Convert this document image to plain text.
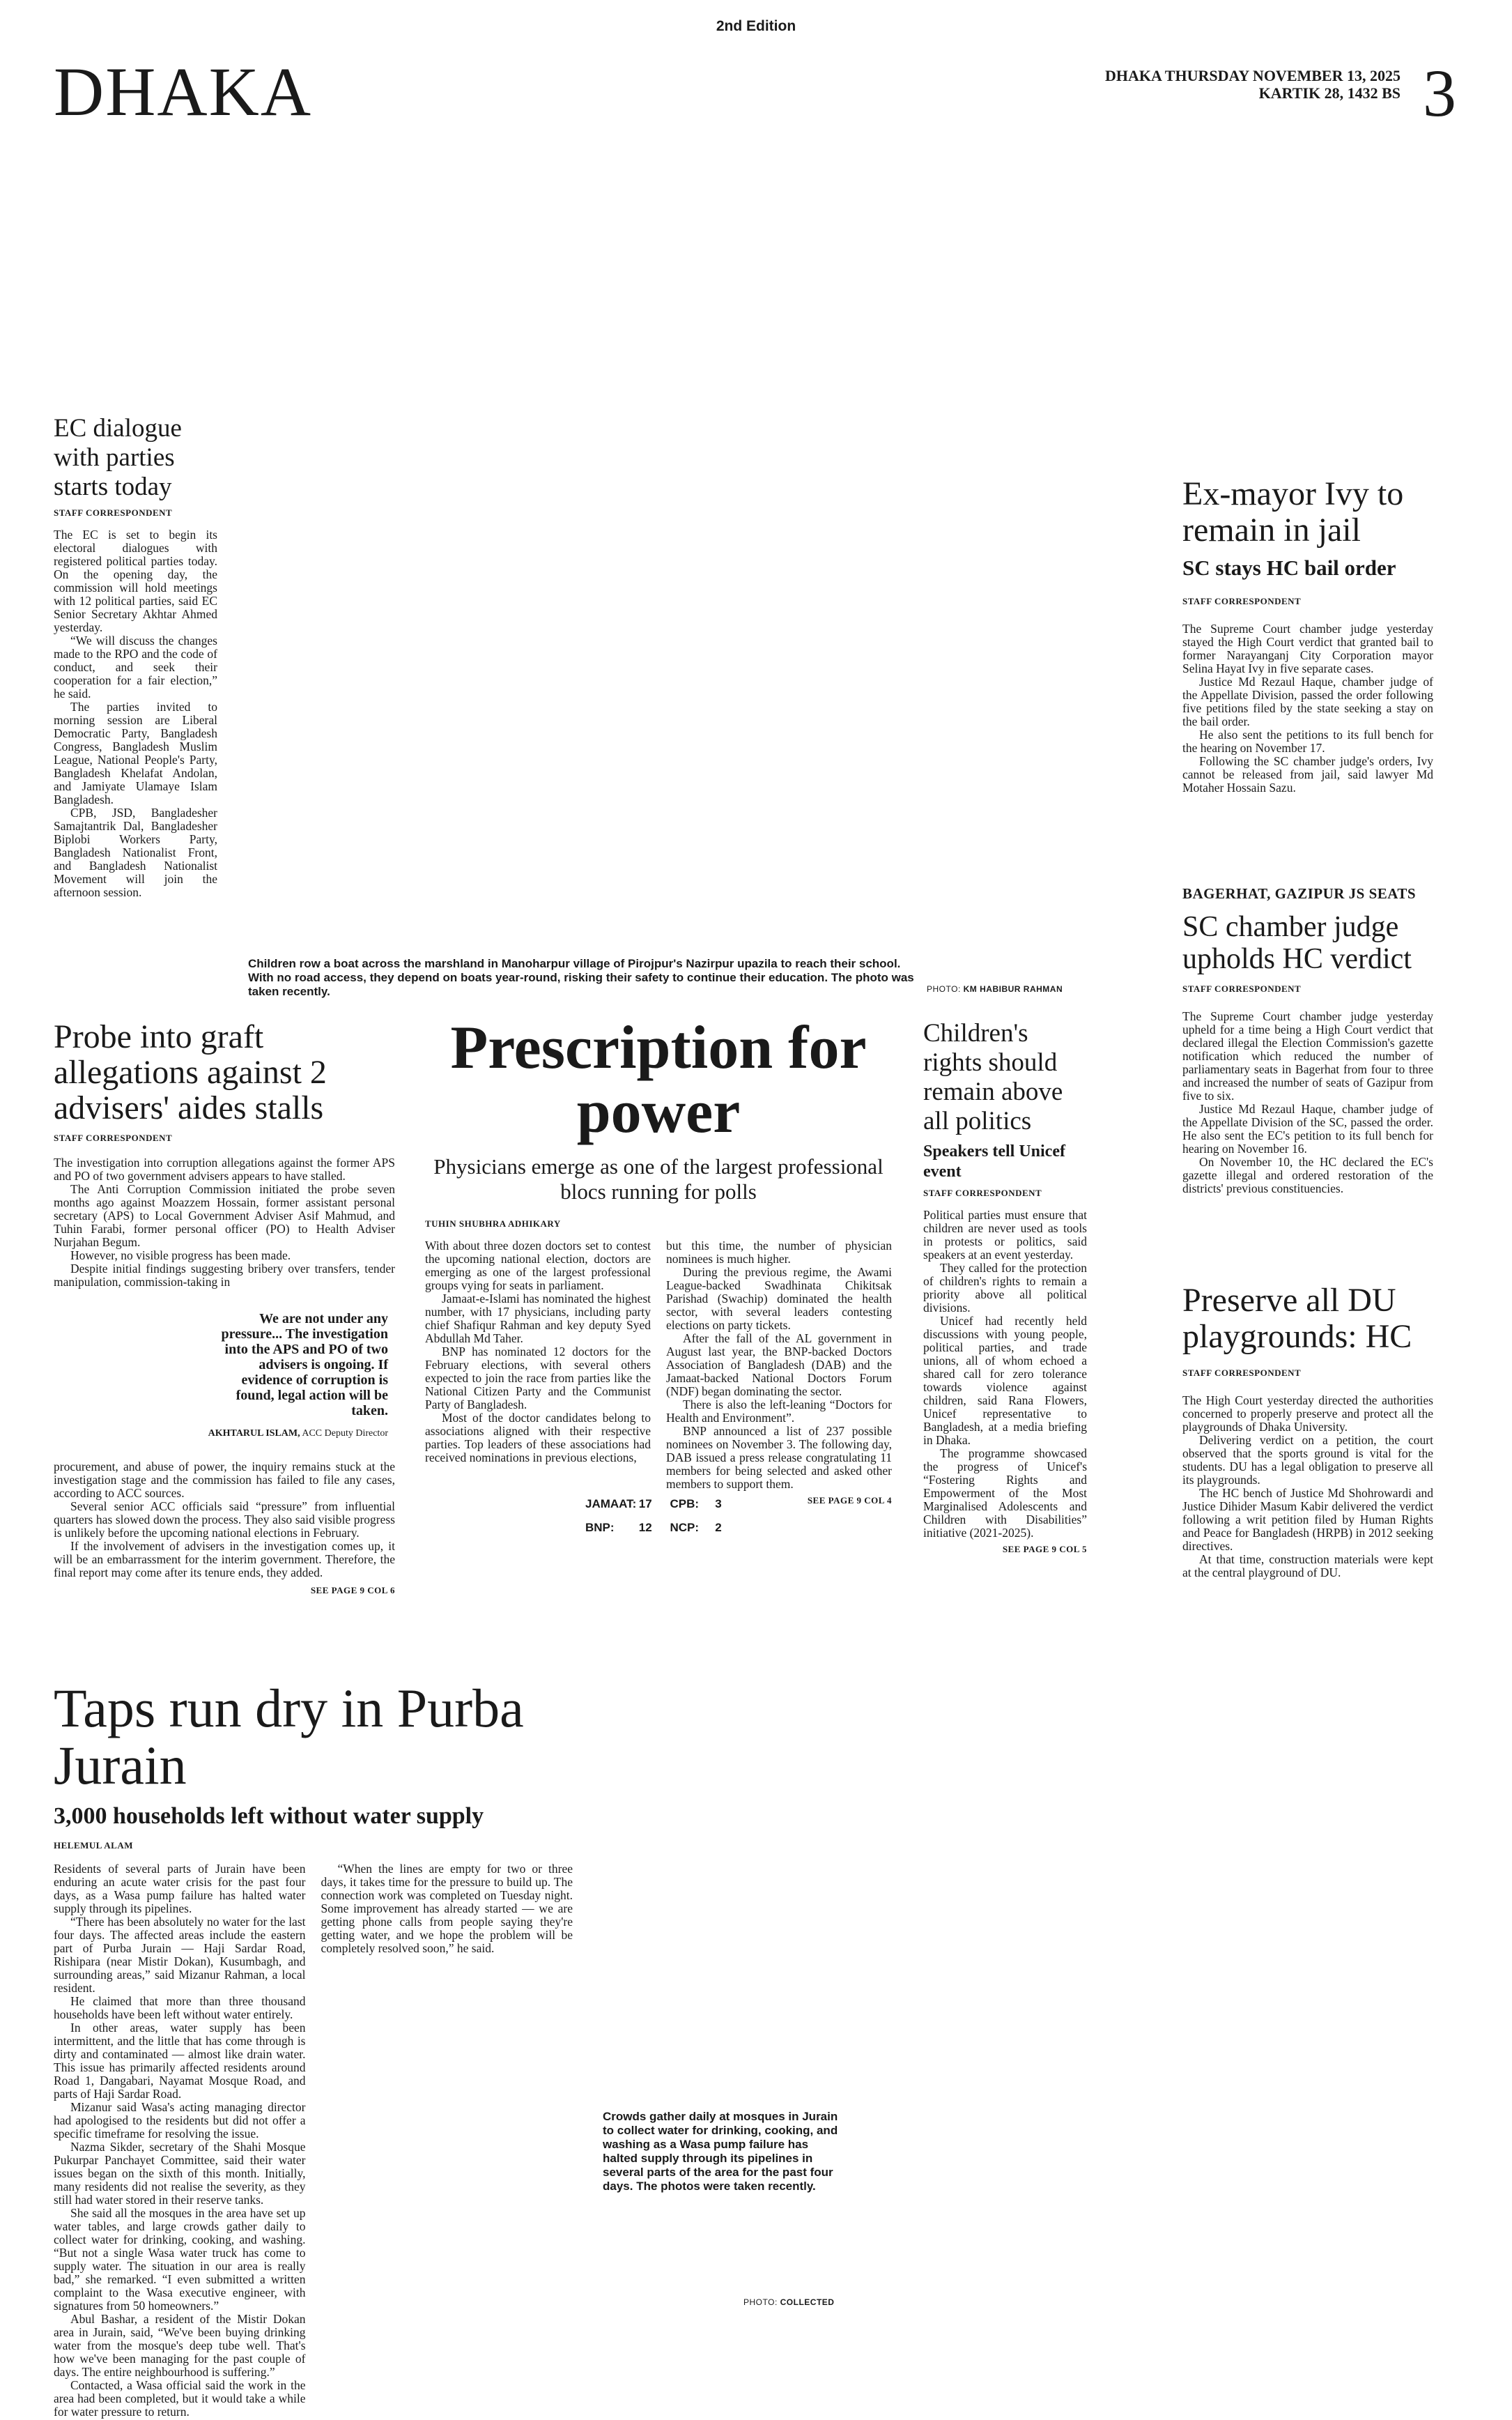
2nd Edition
DHAKA	DHAKA THURSDAY NOVEMBER 13, 2025
KARTIK 28, 1432 BS 3
Children row a boat across the marshland in Manoharpur village of Pirojpur's Nazirpur upazila to reach their school. With no road access, they depend on boats year-round, risking their safety to continue their education. The photo was taken recently.	PHOTO: KM HABIBUR RAHMAN
EC dialogue with parties starts today
STAFF CORRESPONDENT

The EC is set to begin its electoral dialogues with registered political parties today. On the opening day, the commission will hold meetings with 12 political parties, said EC Senior Secretary Akhtar Ahmed yesterday.

“We will discuss the changes made to the RPO and the code of conduct, and seek their cooperation for a fair election,” he said.

The parties invited to morning session are Liberal Democratic Party, Bangladesh Congress, Bangladesh Muslim League, National People's Party, Bangladesh Khelafat Andolan, and Jamiyate Ulamaye Islam Bangladesh.

CPB, JSD, Bangladesher Samajtantrik Dal, Bangladesher Biplobi Workers Party, Bangladesh Nationalist Front, and Bangladesh Nationalist Movement will join the afternoon session.

Probe into graft allegations against 2 advisers' aides stalls
STAFF CORRESPONDENT

The investigation into corruption allegations against the former APS and PO of two government advisers appears to have stalled.

The Anti Corruption Commission initiated the probe seven months ago against Moazzem Hossain, former assistant personal secretary (APS) to Local Government Adviser Asif Mahmud, and Tuhin Farabi, former personal officer (PO) to Health Adviser Nurjahan Begum.

However, no visible progress has been made.

Despite initial findings suggesting bribery over transfers, tender manipulation, commission-taking in

We are not under any pressure... The investigation into the APS and PO of two advisers is ongoing. If evidence of corruption is found, legal action will be taken.
AKHTARUL ISLAM, ACC Deputy Director

procurement, and abuse of power, the inquiry remains stuck at the investigation stage and the commission has failed to file any cases, according to ACC sources.

Several senior ACC officials said “pressure” from influential quarters has slowed down the process. They also said visible progress is unlikely before the upcoming national elections in February.

If the involvement of advisers in the investigation comes up, it will be an embarrassment for the interim government. Therefore, the final report may come after its tenure ends, they added.

SEE PAGE 9 COL 6
Prescription for power
Physicians emerge as one of the largest professional blocs running for polls
TUHIN SHUBHRA ADHIKARY

With about three dozen doctors set to contest the upcoming national election, doctors are emerging as one of the largest professional groups vying for seats in parliament.

Jamaat-e-Islami has nominated the highest number, with 17 physicians, including party chief Shafiqur Rahman and key deputy Syed Abdullah Md Taher.

BNP has nominated 12 doctors for the February elections, with several others expected to join the race from parties like the National Citizen Party and the Communist Party of Bangladesh.

Most of the doctor candidates belong to associations aligned with their respective parties. Top leaders of these associations had received nominations in previous elections,

but this time, the number of physician nominees is much higher.

During the previous regime, the Awami League-backed Swadhinata Chikitsak Parishad (Swachip) dominated the health sector, with several leaders contesting elections on party tickets.

After the fall of the AL government in August last year, the BNP-backed Doctors Association of Bangladesh (DAB) and the Jamaat-backed National Doctors Forum (NDF) began dominating the sector.

There is also the left-leaning “Doctors for Health and Environment”.

BNP announced a list of 237 possible nominees on November 3. The following day, DAB issued a press release congratulating 11 members for being selected and asked other members to support them.

SEE PAGE 9 COL 4
JAMAAT: 17 CPB: 3
BNP: 12 NCP: 2
Children's rights should remain above all politics
Speakers tell Unicef event
STAFF CORRESPONDENT

Political parties must ensure that children are never used as tools in protests or politics, said speakers at an event yesterday.

They called for the protection of children's rights to remain a priority above all political divisions.

Unicef had recently held discussions with young people, political parties, and trade unions, all of whom echoed a shared call for zero tolerance towards violence against children, said Rana Flowers, Unicef representative to Bangladesh, at a media briefing in Dhaka.

The programme showcased the progress of Unicef's “Fostering Rights and Empowerment of the Most Marginalised Adolescents and Children with Disabilities” initiative (2021-2025).

SEE PAGE 9 COL 5
Ex-mayor Ivy to remain in jail
SC stays HC bail order
STAFF CORRESPONDENT

The Supreme Court chamber judge yesterday stayed the High Court verdict that granted bail to former Narayanganj City Corporation mayor Selina Hayat Ivy in five separate cases.

Justice Md Rezaul Haque, chamber judge of the Appellate Division, passed the order following five petitions filed by the state seeking a stay on the bail order.

He also sent the petitions to its full bench for the hearing on November 17.

Following the SC chamber judge's orders, Ivy cannot be released from jail, said lawyer Md Motaher Hossain Sazu.

BAGERHAT, GAZIPUR JS SEATS
SC chamber judge upholds HC verdict
STAFF CORRESPONDENT

The Supreme Court chamber judge yesterday upheld for a time being a High Court verdict that declared illegal the Election Commission's gazette notification which reduced the number of parliamentary seats in Bagerhat from four to three and increased the number of seats of Gazipur from five to six.

Justice Md Rezaul Haque, chamber judge of the Appellate Division of the SC, passed the order. He also sent the EC's petition to its full bench for hearing on November 16.

On November 10, the HC declared the EC's gazette illegal and ordered restoration of the districts' previous constituencies.

Preserve all DU playgrounds: HC
STAFF CORRESPONDENT

The High Court yesterday directed the authorities concerned to properly preserve and protect all the playgrounds of Dhaka University.

Delivering verdict on a petition, the court observed that the sports ground is vital for the students. DU has a legal obligation to preserve all its playgrounds.

The HC bench of Justice Md Shohrowardi and Justice Dihider Masum Kabir delivered the verdict following a writ petition filed by Human Rights and Peace for Bangladesh (HRPB) in 2012 seeking directives.

At that time, construction materials were kept at the central playground of DU.

Taps run dry in Purba Jurain
3,000 households left without water supply
HELEMUL ALAM

Residents of several parts of Jurain have been enduring an acute water crisis for the past four days, as a Wasa pump failure has halted water supply through its pipelines.

“There has been absolutely no water for the last four days. The affected areas include the eastern part of Purba Jurain — Haji Sardar Road, Rishipara (near Mistir Dokan), Kusumbagh, and surrounding areas,” said Mizanur Rahman, a local resident.

He claimed that more than three thousand households have been left without water entirely.

In other areas, water supply has been intermittent, and the little that has come through is dirty and contaminated — almost like drain water. This issue has primarily affected residents around Road 1, Dangabari, Nayamat Mosque Road, and parts of Haji Sardar Road.

Mizanur said Wasa's acting managing director had apologised to the residents but did not offer a specific timeframe for resolving the issue.

Nazma Sikder, secretary of the Shahi Mosque Pukurpar Panchayet Committee, said their water issues began on the sixth of this month. Initially, many residents did not realise the severity, as they still had water stored in their reserve tanks.

She said all the mosques in the area have set up water tables, and large crowds gather daily to collect water for drinking, cooking, and washing. “But not a single Wasa water truck has come to supply water. The situation in our area is really bad,” she remarked. “I even submitted a written complaint to the Wasa executive engineer, with signatures from 50 homeowners.”

Abul Bashar, a resident of the Mistir Dokan area in Jurain, said, “We've been buying drinking water from the mosque's deep tube well. That's how we've been managing for the past couple of days. The entire neighbourhood is suffering.”

Contacted, a Wasa official said the work in the area had been completed, but it would take a while for water pressure to return.

“When the lines are empty for two or three days, it takes time for the pressure to build up. The connection work was completed on Tuesday night. Some improvement has already started — we are getting phone calls from people saying they're getting water, and we hope the problem will be completely resolved soon,” he said.

Crowds gather daily at mosques in Jurain to collect water for drinking, cooking, and washing as a Wasa pump failure has halted supply through its pipelines in several parts of the area for the past four days. The photos were taken recently.
PHOTO: COLLECTED
